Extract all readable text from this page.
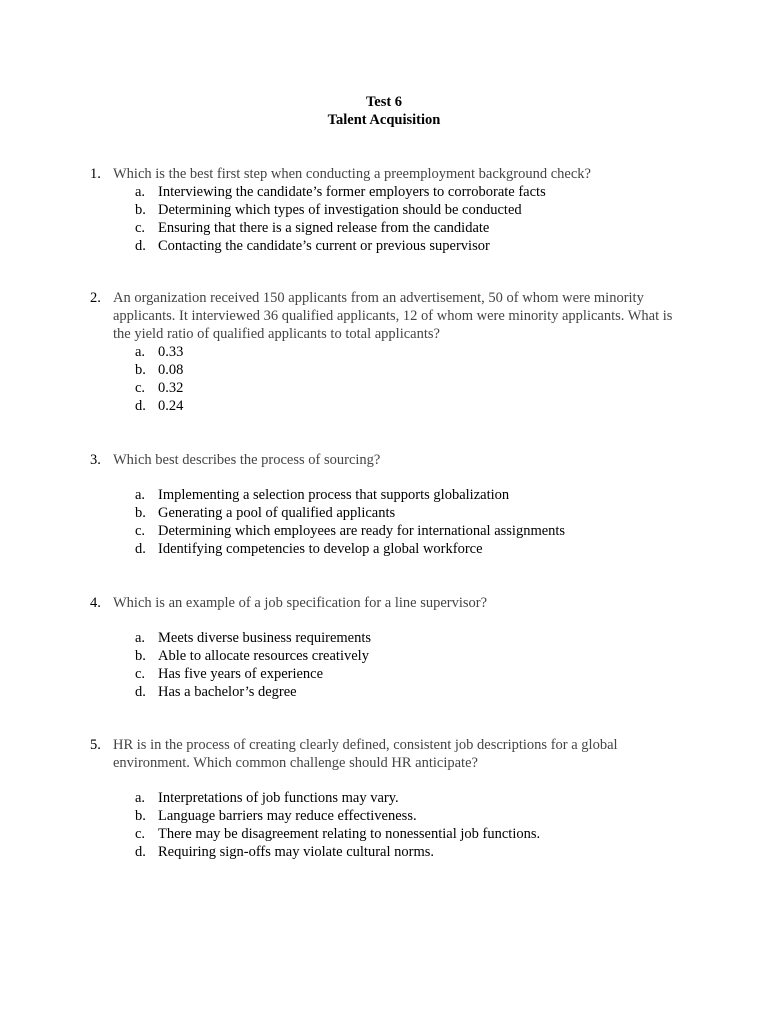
Test 6
Talent Acquisition
1. Which is the best first step when conducting a preemployment background check?
a. Interviewing the candidate’s former employers to corroborate facts
b. Determining which types of investigation should be conducted
c. Ensuring that there is a signed release from the candidate
d. Contacting the candidate’s current or previous supervisor
2. An organization received 150 applicants from an advertisement, 50 of whom were minority applicants. It interviewed 36 qualified applicants, 12 of whom were minority applicants. What is the yield ratio of qualified applicants to total applicants?
a. 0.33
b. 0.08
c. 0.32
d. 0.24
3. Which best describes the process of sourcing?
a. Implementing a selection process that supports globalization
b. Generating a pool of qualified applicants
c. Determining which employees are ready for international assignments
d. Identifying competencies to develop a global workforce
4. Which is an example of a job specification for a line supervisor?
a. Meets diverse business requirements
b. Able to allocate resources creatively
c. Has five years of experience
d. Has a bachelor’s degree
5. HR is in the process of creating clearly defined, consistent job descriptions for a global environment. Which common challenge should HR anticipate?
a. Interpretations of job functions may vary.
b. Language barriers may reduce effectiveness.
c. There may be disagreement relating to nonessential job functions.
d. Requiring sign-offs may violate cultural norms.
